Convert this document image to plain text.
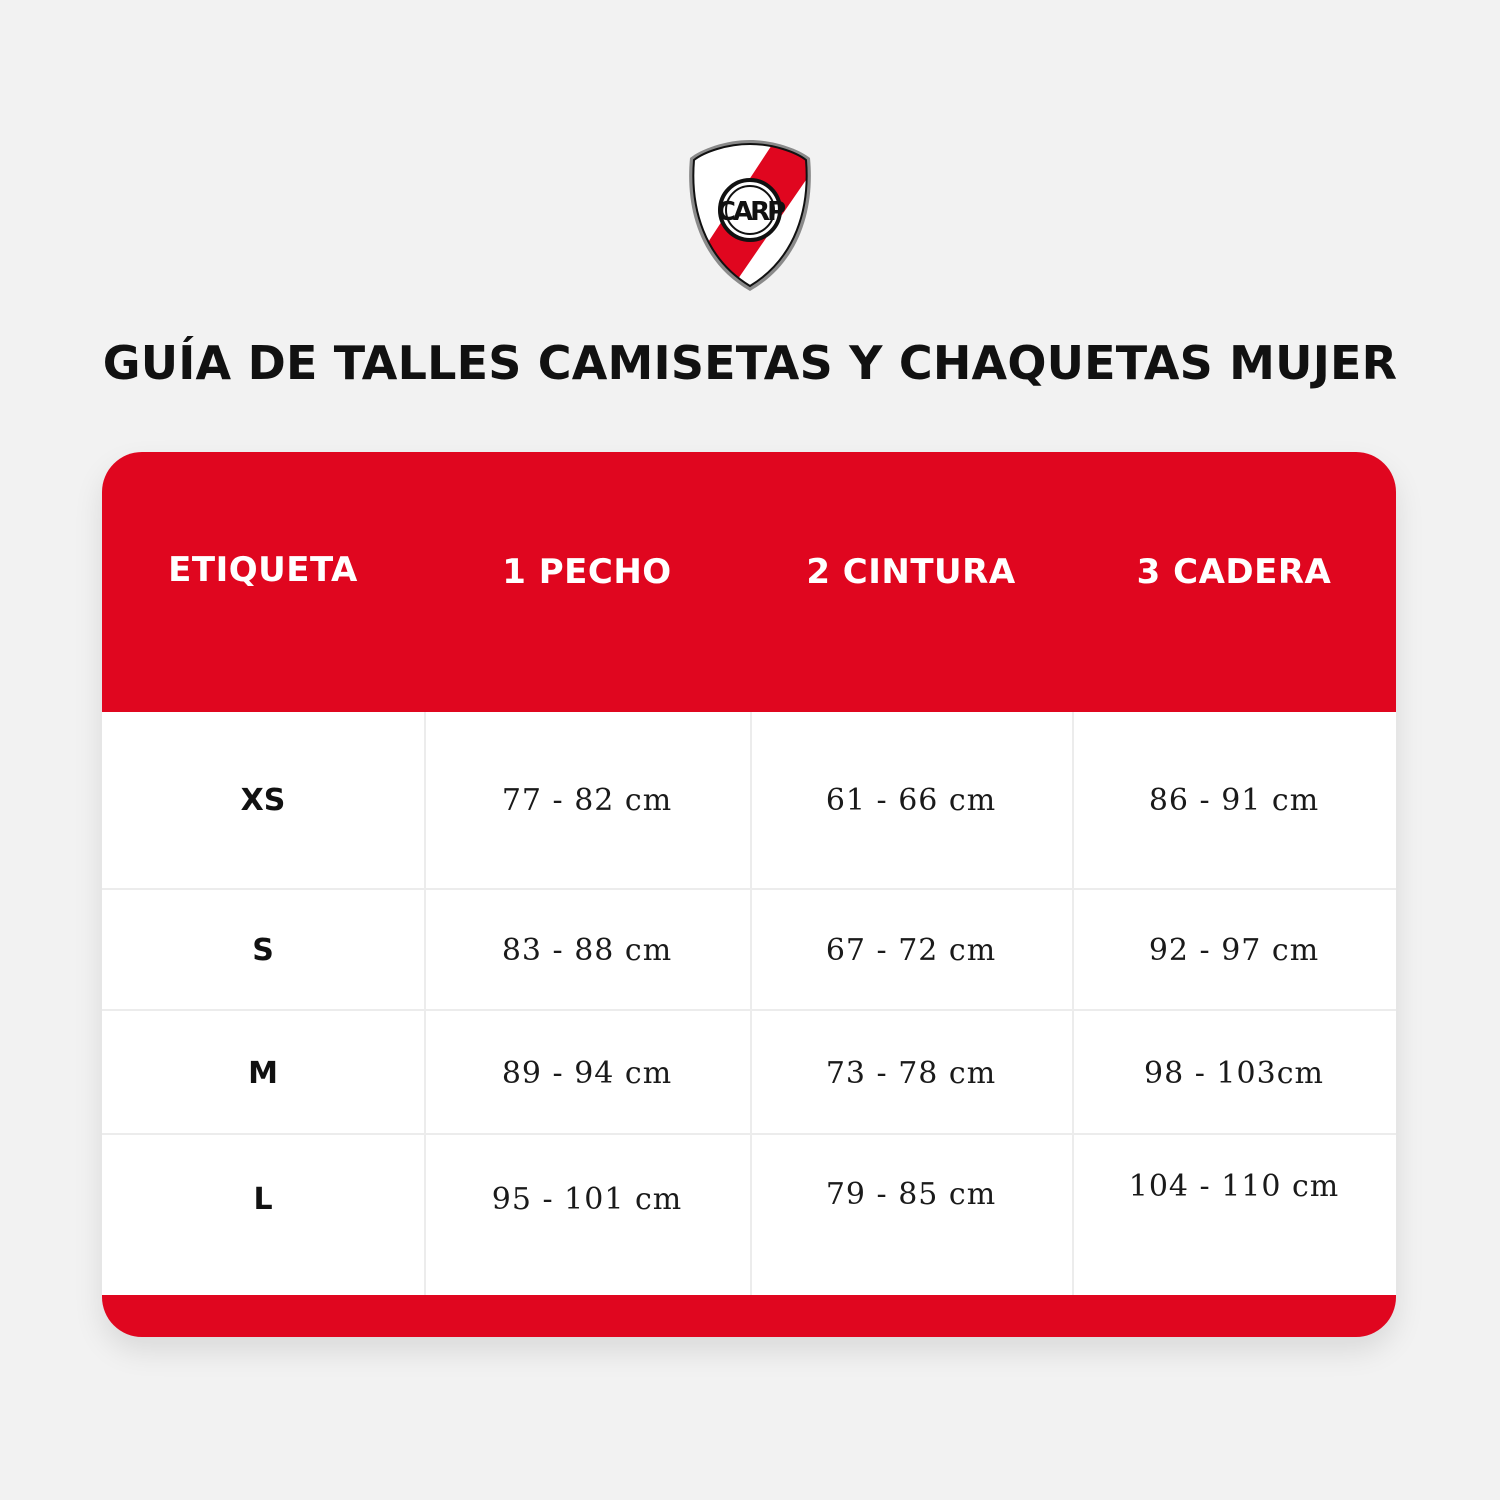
CARP
GUÍA DE TALLES CAMISETAS Y CHAQUETAS MUJER
ETIQUETA	1 PECHO	2 CINTURA	3 CADERA
XS	77 - 82 cm	61 - 66 cm	86 - 91 cm
S	83 - 88 cm	67 - 72 cm	92 - 97 cm
M	89 - 94 cm	73 - 78 cm	98 - 103cm
L	95 - 101 cm	79 - 85 cm	104 - 110 cm
